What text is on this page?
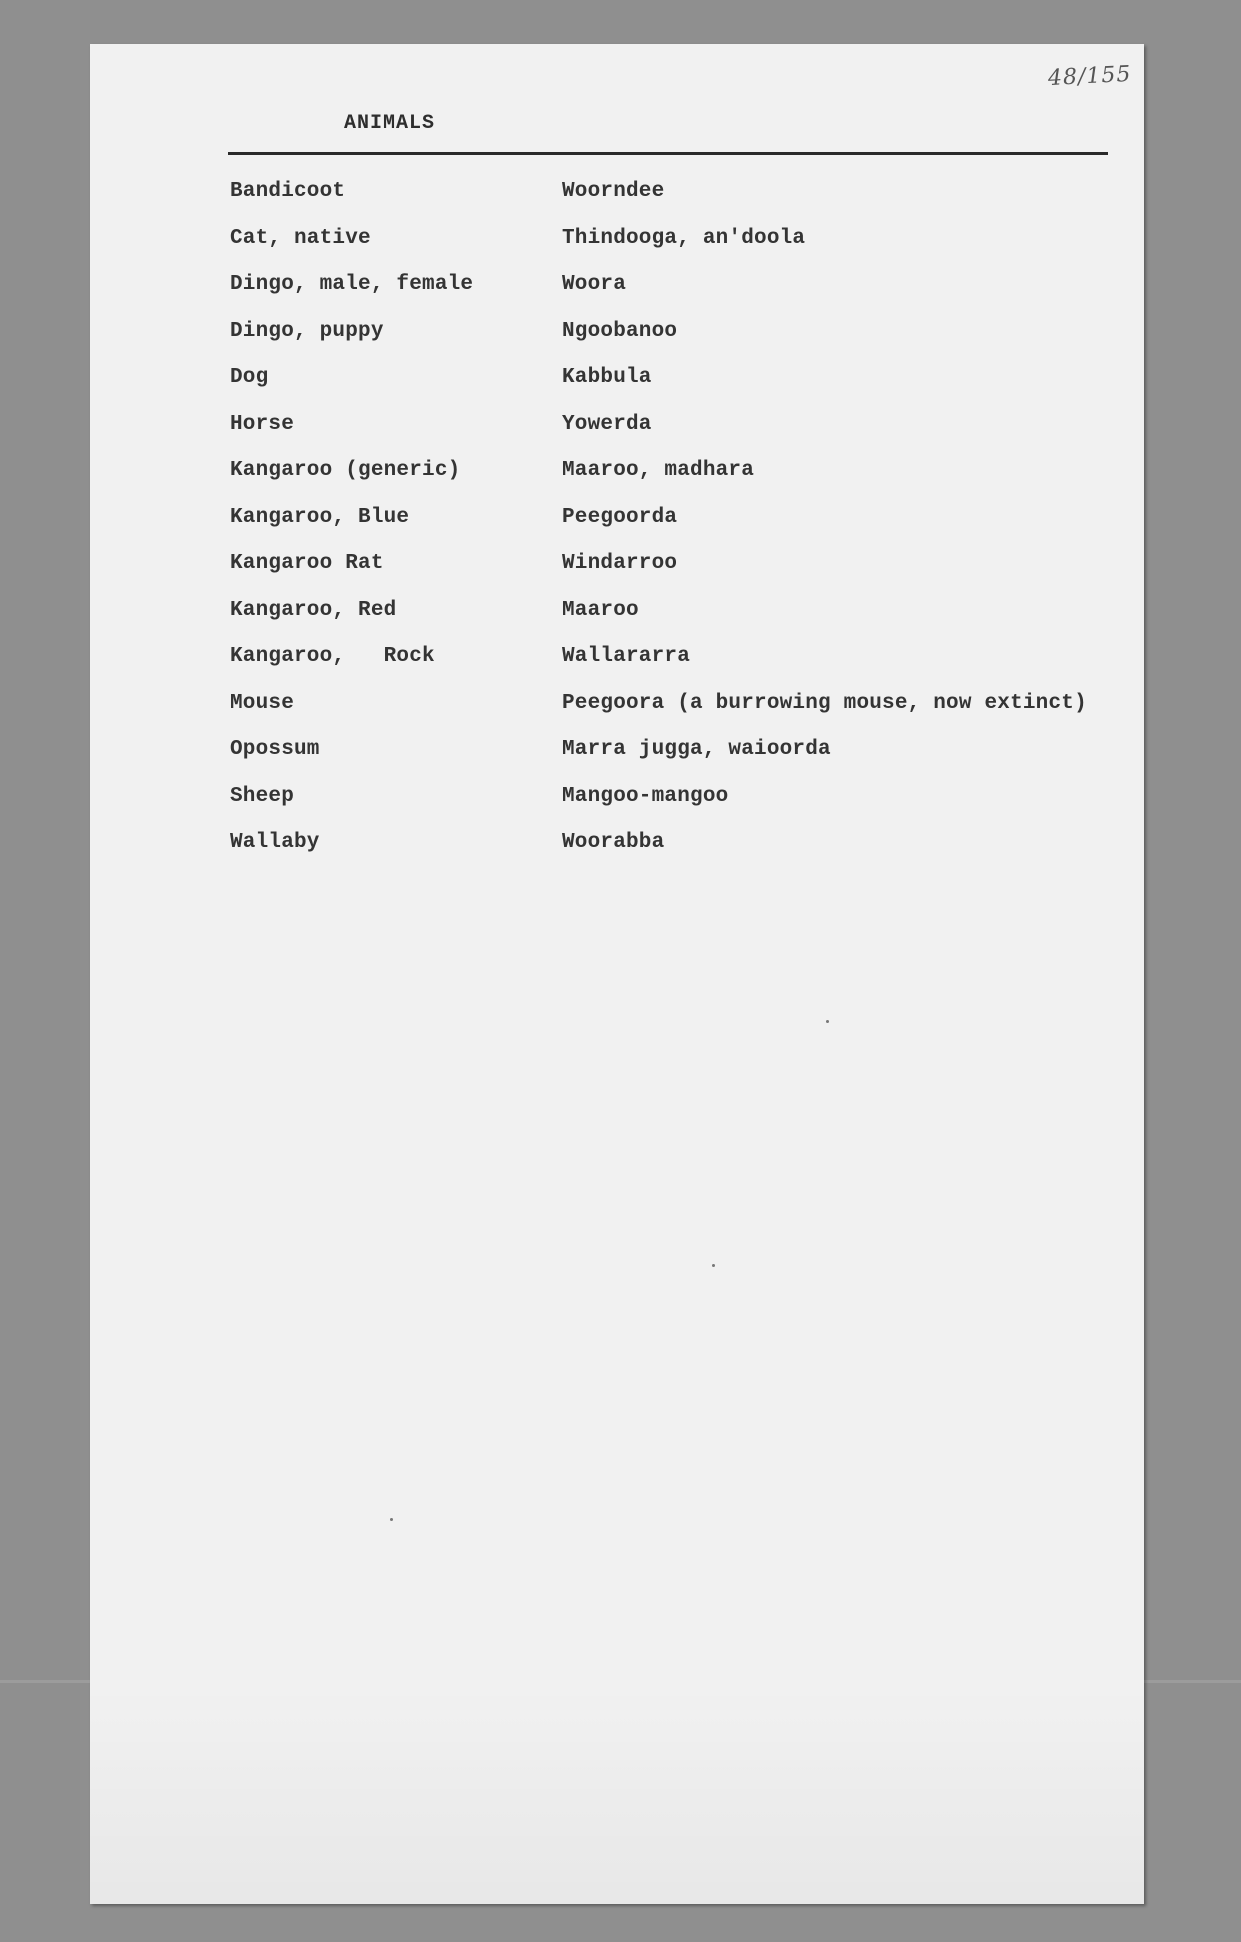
48/155
ANIMALS
Bandicoot	Woorndee
Cat, native	Thindooga, an'doola
Dingo, male, female	Woora
Dingo, puppy	Ngoobanoo
Dog	Kabbula
Horse	Yowerda
Kangaroo (generic)	Maaroo, madhara
Kangaroo, Blue	Peegoorda
Kangaroo Rat	Windarroo
Kangaroo, Red	Maaroo
Kangaroo,   Rock	Wallararra
Mouse	Peegoora (a burrowing mouse, now extinct)
Opossum	Marra jugga, waioorda
Sheep	Mangoo-mangoo
Wallaby	Woorabba
